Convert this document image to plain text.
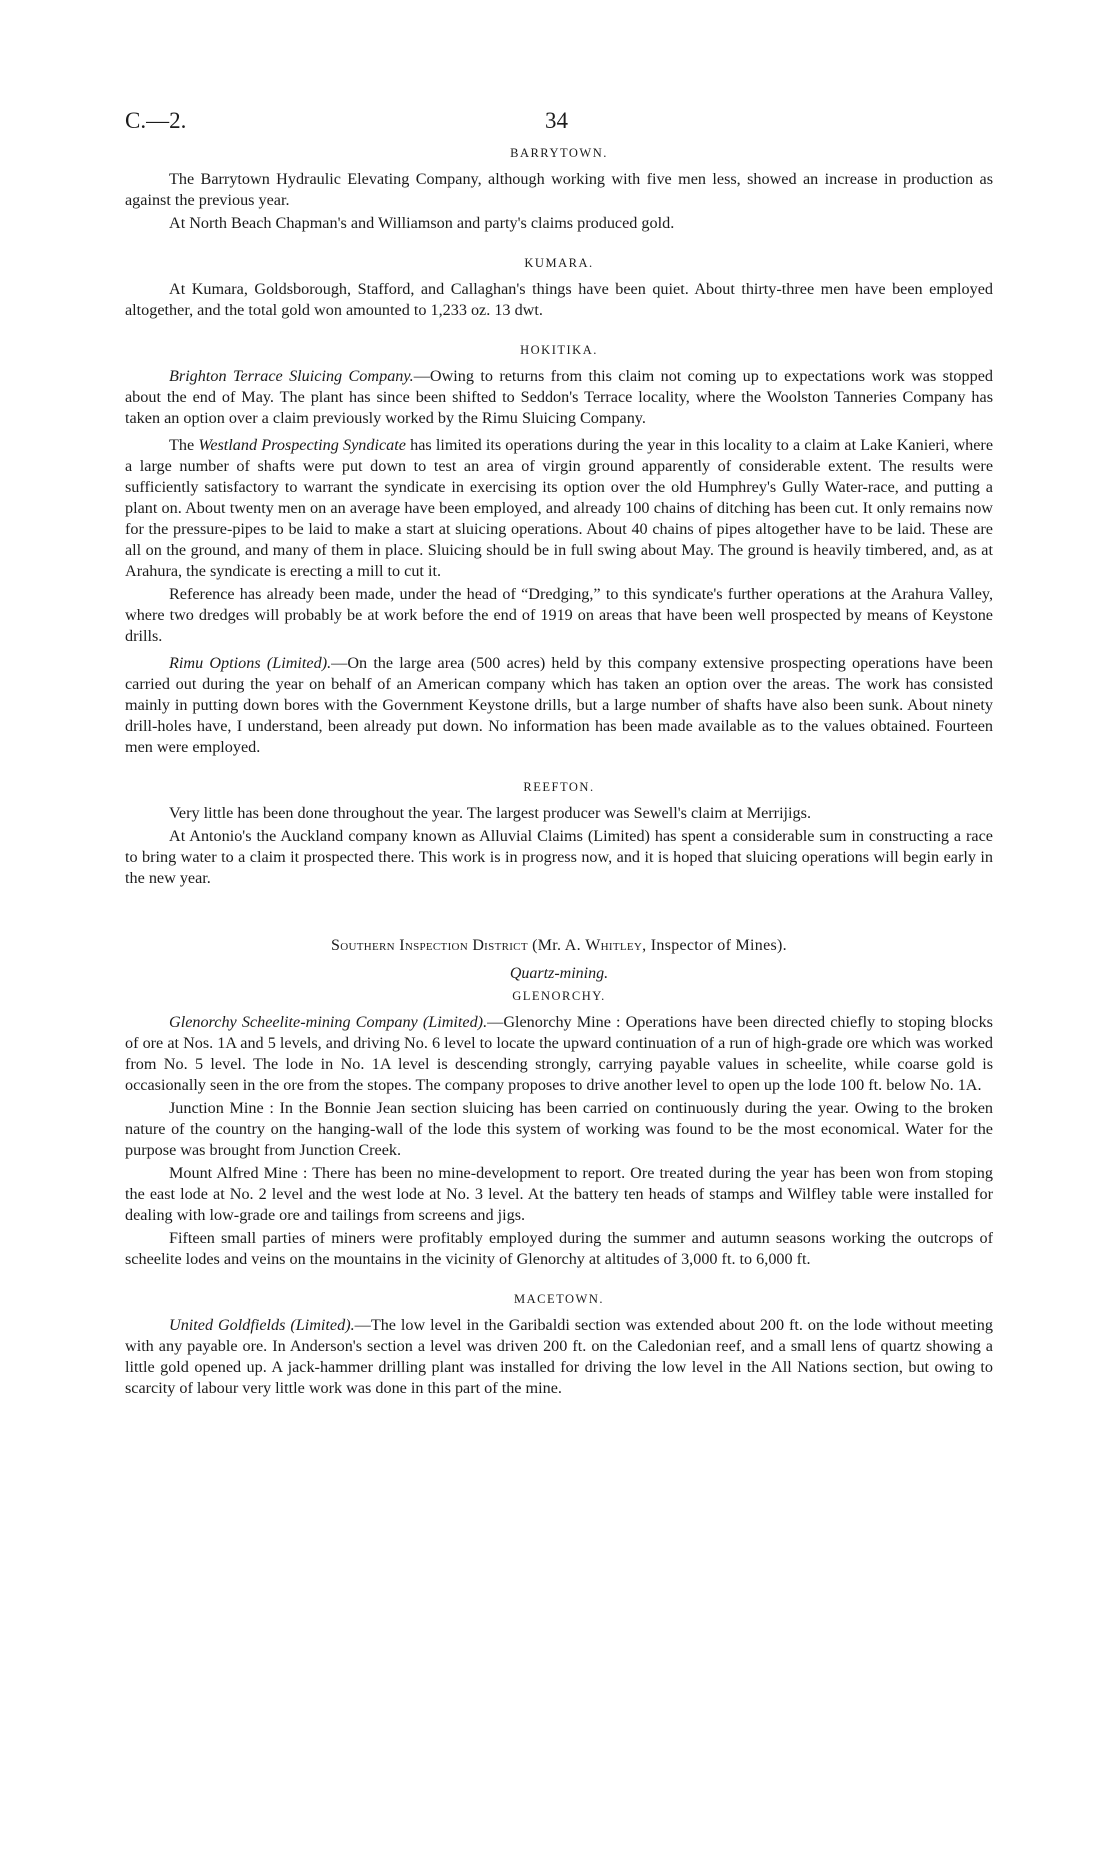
C.—2.	34
BARRYTOWN.

The Barrytown Hydraulic Elevating Company, although working with five men less, showed an increase in production as against the previous year.

At North Beach Chapman's and Williamson and party's claims produced gold.

KUMARA.

At Kumara, Goldsborough, Stafford, and Callaghan's things have been quiet. About thirty-three men have been employed altogether, and the total gold won amounted to 1,233 oz. 13 dwt.

HOKITIKA.

Brighton Terrace Sluicing Company.—Owing to returns from this claim not coming up to expectations work was stopped about the end of May. The plant has since been shifted to Seddon's Terrace locality, where the Woolston Tanneries Company has taken an option over a claim previously worked by the Rimu Sluicing Company.

The Westland Prospecting Syndicate has limited its operations during the year in this locality to a claim at Lake Kanieri, where a large number of shafts were put down to test an area of virgin ground apparently of considerable extent. The results were sufficiently satisfactory to warrant the syndicate in exercising its option over the old Humphrey's Gully Water-race, and putting a plant on. About twenty men on an average have been employed, and already 100 chains of ditching has been cut. It only remains now for the pressure-pipes to be laid to make a start at sluicing operations. About 40 chains of pipes altogether have to be laid. These are all on the ground, and many of them in place. Sluicing should be in full swing about May. The ground is heavily timbered, and, as at Arahura, the syndicate is erecting a mill to cut it.

Reference has already been made, under the head of “Dredging,” to this syndicate's further operations at the Arahura Valley, where two dredges will probably be at work before the end of 1919 on areas that have been well prospected by means of Keystone drills.

Rimu Options (Limited).—On the large area (500 acres) held by this company extensive prospecting operations have been carried out during the year on behalf of an American company which has taken an option over the areas. The work has consisted mainly in putting down bores with the Government Keystone drills, but a large number of shafts have also been sunk. About ninety drill-holes have, I understand, been already put down. No information has been made available as to the values obtained. Fourteen men were employed.

REEFTON.

Very little has been done throughout the year. The largest producer was Sewell's claim at Merrijigs.

At Antonio's the Auckland company known as Alluvial Claims (Limited) has spent a considerable sum in constructing a race to bring water to a claim it prospected there. This work is in progress now, and it is hoped that sluicing operations will begin early in the new year.

Southern Inspection District (Mr. A. Whitley, Inspector of Mines).
Quartz-mining.
GLENORCHY.

Glenorchy Scheelite-mining Company (Limited).—Glenorchy Mine : Operations have been directed chiefly to stoping blocks of ore at Nos. 1A and 5 levels, and driving No. 6 level to locate the upward continuation of a run of high-grade ore which was worked from No. 5 level. The lode in No. 1A level is descending strongly, carrying payable values in scheelite, while coarse gold is occasionally seen in the ore from the stopes. The company proposes to drive another level to open up the lode 100 ft. below No. 1A.

Junction Mine : In the Bonnie Jean section sluicing has been carried on continuously during the year. Owing to the broken nature of the country on the hanging-wall of the lode this system of working was found to be the most economical. Water for the purpose was brought from Junction Creek.

Mount Alfred Mine : There has been no mine-development to report. Ore treated during the year has been won from stoping the east lode at No. 2 level and the west lode at No. 3 level. At the battery ten heads of stamps and Wilfley table were installed for dealing with low-grade ore and tailings from screens and jigs.

Fifteen small parties of miners were profitably employed during the summer and autumn seasons working the outcrops of scheelite lodes and veins on the mountains in the vicinity of Glenorchy at altitudes of 3,000 ft. to 6,000 ft.

MACETOWN.

United Goldfields (Limited).—The low level in the Garibaldi section was extended about 200 ft. on the lode without meeting with any payable ore. In Anderson's section a level was driven 200 ft. on the Caledonian reef, and a small lens of quartz showing a little gold opened up. A jack-hammer drilling plant was installed for driving the low level in the All Nations section, but owing to scarcity of labour very little work was done in this part of the mine.
